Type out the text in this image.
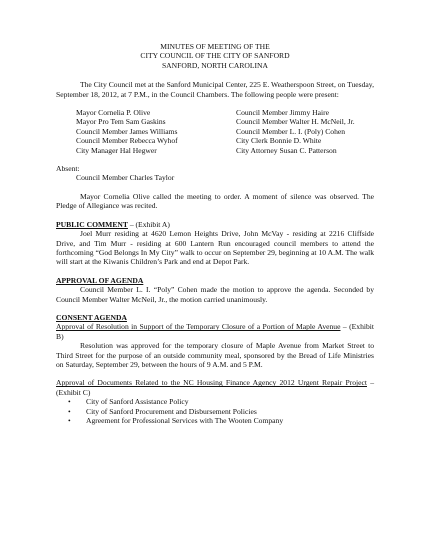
MINUTES OF MEETING OF THE
CITY COUNCIL OF THE CITY OF SANFORD
SANFORD, NORTH CAROLINA

The City Council met at the Sanford Municipal Center, 225 E. Weatherspoon Street, on Tuesday, September 18, 2012, at 7 P.M., in the Council Chambers. The following people were present:

Mayor Cornelia P. Olive
Mayor Pro Tem Sam Gaskins
Council Member James Williams
Council Member Rebecca Wyhof
City Manager Hal Hegwer
Council Member Jimmy Haire
Council Member Walter H. McNeil, Jr.
Council Member L. I. (Poly) Cohen
City Clerk Bonnie D. White
City Attorney Susan C. Patterson
Absent:
Council Member Charles Taylor

Mayor Cornelia Olive called the meeting to order. A moment of silence was observed. The Pledge of Allegiance was recited.

PUBLIC COMMENT – (Exhibit A)

Joel Murr residing at 4620 Lemon Heights Drive, John McVay - residing at 2216 Cliffside Drive, and Tim Murr - residing at 600 Lantern Run encouraged council members to attend the forthcoming “God Belongs In My City” walk to occur on September 29, beginning at 10 A.M. The walk will start at the Kiwanis Children’s Park and end at Depot Park.

APPROVAL OF AGENDA

Council Member L. I. “Poly” Cohen made the motion to approve the agenda. Seconded by Council Member Walter McNeil, Jr., the motion carried unanimously.

CONSENT AGENDA

Approval of Resolution in Support of the Temporary Closure of a Portion of Maple Avenue – (Exhibit B)

Resolution was approved for the temporary closure of Maple Avenue from Market Street to Third Street for the purpose of an outside community meal, sponsored by the Bread of Life Ministries on Saturday, September 29, between the hours of 9 A.M. and 5 P.M.

Approval of Documents Related to the NC Housing Finance Agency 2012 Urgent Repair Project – (Exhibit C)

• City of Sanford Assistance Policy
• City of Sanford Procurement and Disbursement Policies
• Agreement for Professional Services with The Wooten Company
